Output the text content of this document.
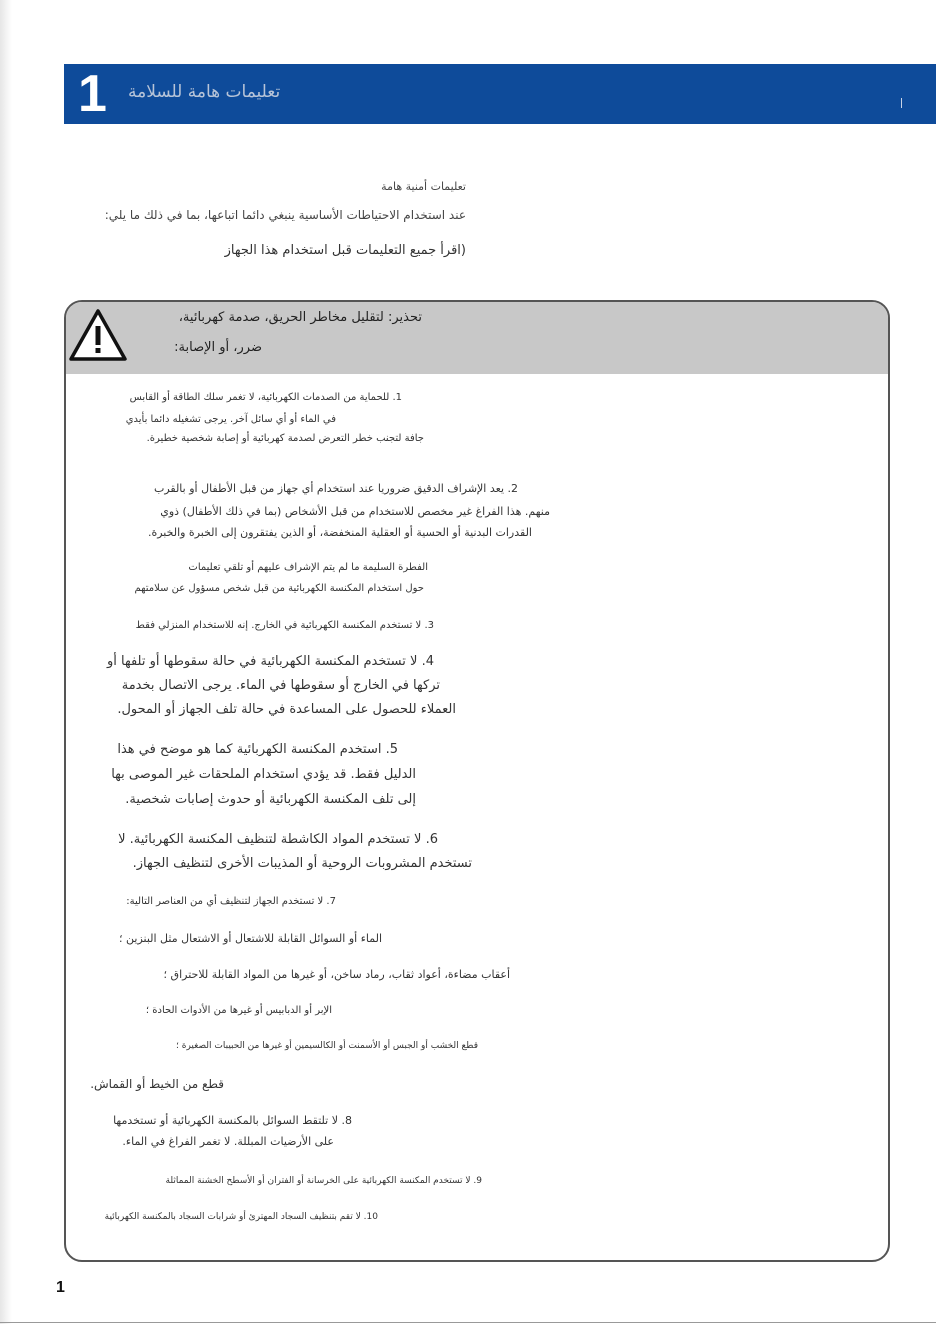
1 تعليمات هامة للسلامة
تعليمات أمنية هامة
عند استخدام الاحتياطات الأساسية ينبغي دائما اتباعها، بما في ذلك ما يلي:
(اقرأ جميع التعليمات قبل استخدام هذا الجهاز
تحذير: لتقليل مخاطر الحريق، صدمة كهربائية،
ضرر، أو الإصابة:
1. للحماية من الصدمات الكهربائية، لا تغمر سلك الطاقة أو القابس
في الماء أو أي سائل آخر. يرجى تشغيله دائما بأيدي
جافة لتجنب خطر التعرض لصدمة كهربائية أو إصابة شخصية خطيرة.
2. يعد الإشراف الدقيق ضروريا عند استخدام أي جهاز من قبل الأطفال أو بالقرب
منهم. هذا الفراغ غير مخصص للاستخدام من قبل الأشخاص (بما في ذلك الأطفال) ذوي
القدرات البدنية أو الحسية أو العقلية المنخفضة، أو الذين يفتقرون إلى الخبرة والخبرة.
الفطرة السليمة ما لم يتم الإشراف عليهم أو تلقي تعليمات
حول استخدام المكنسة الكهربائية من قبل شخص مسؤول عن سلامتهم
3. لا تستخدم المكنسة الكهربائية في الخارج. إنه للاستخدام المنزلي فقط
4. لا تستخدم المكنسة الكهربائية في حالة سقوطها أو تلفها أو
تركها في الخارج أو سقوطها في الماء. يرجى الاتصال بخدمة
العملاء للحصول على المساعدة في حالة تلف الجهاز أو المحول.
5. استخدم المكنسة الكهربائية كما هو موضح في هذا
الدليل فقط. قد يؤدي استخدام الملحقات غير الموصى بها
إلى تلف المكنسة الكهربائية أو حدوث إصابات شخصية.
6. لا تستخدم المواد الكاشطة لتنظيف المكنسة الكهربائية. لا
تستخدم المشروبات الروحية أو المذيبات الأخرى لتنظيف الجهاز.
7. لا تستخدم الجهاز لتنظيف أي من العناصر التالية:
الماء أو السوائل القابلة للاشتعال أو الاشتعال مثل البنزين ؛
أعقاب مضاءة، أعواد ثقاب، رماد ساخن، أو غيرها من المواد القابلة للاحتراق ؛
الإبر أو الدبابيس أو غيرها من الأدوات الحادة ؛
قطع الخشب أو الجبس أو الأسمنت أو الكالسيمين أو غيرها من الحبيبات الصغيرة ؛
قطع من الخيط أو القماش.
8. لا تلتقط السوائل بالمكنسة الكهربائية أو تستخدمها
على الأرضيات المبللة. لا تغمر الفراغ في الماء.
9. لا تستخدم المكنسة الكهربائية على الخرسانة أو الفتران أو الأسطح الخشنة المماثلة
10. لا تقم بتنظيف السجاد المهترئ أو شرابات السجاد بالمكنسة الكهربائية
1
